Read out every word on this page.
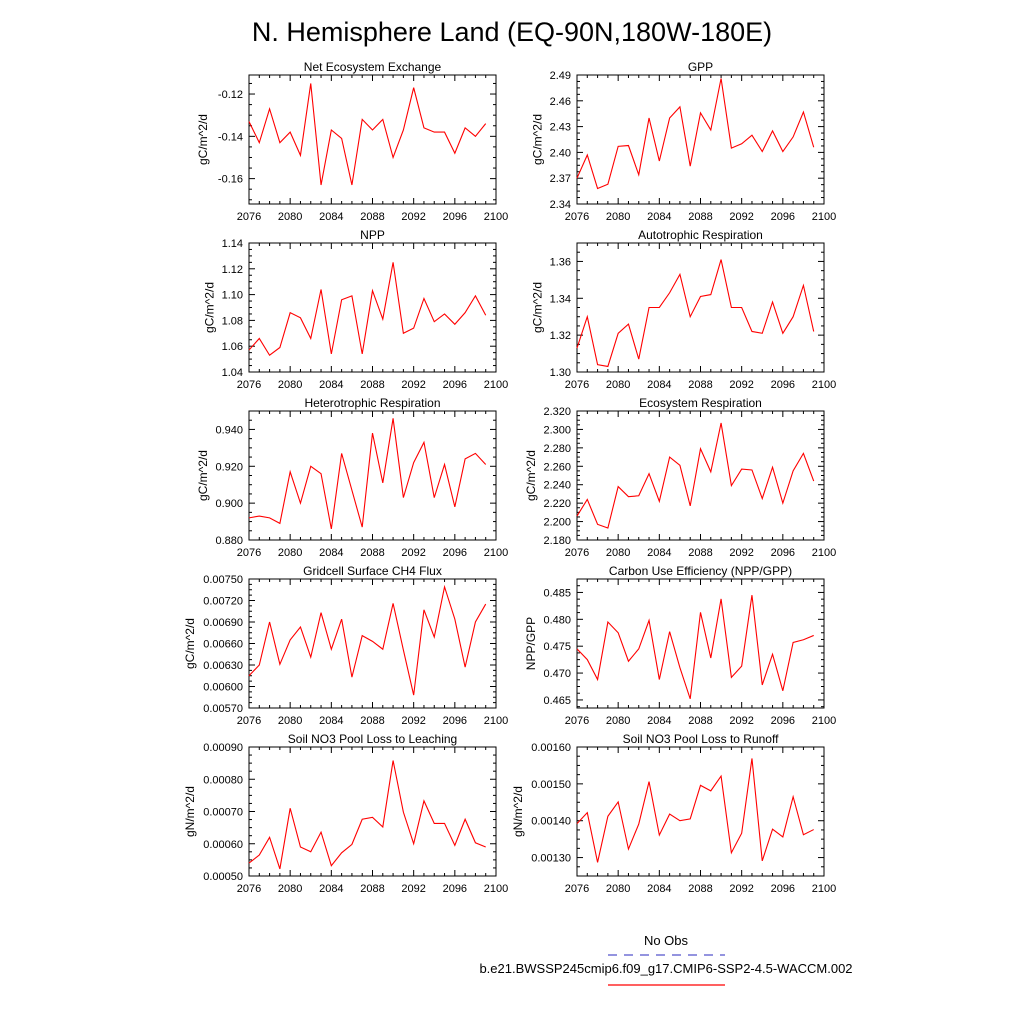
N. Hemisphere Land (EQ-90N,180W-180E)
Net Ecosystem Exchange
2076 2080 2084 2088 2092 2096 2100
-0.16
-0.14
-0.12
gC/m^2/d
GPP
2076 2080 2084 2088 2092 2096 2100
2.34
2.37
2.40
2.43
2.46
2.49
gC/m^2/d
NPP
2076 2080 2084 2088 2092 2096 2100
1.04
1.06
1.08
1.10
1.12
1.14
gC/m^2/d
Autotrophic Respiration
2076 2080 2084 2088 2092 2096 2100
1.30
1.32
1.34
1.36
gC/m^2/d
Heterotrophic Respiration
2076 2080 2084 2088 2092 2096 2100
0.880
0.900
0.920
0.940
gC/m^2/d
Ecosystem Respiration
2076 2080 2084 2088 2092 2096 2100
2.180
2.200
2.220
2.240
2.260
2.280
2.300
2.320
gC/m^2/d
Gridcell Surface CH4 Flux
2076 2080 2084 2088 2092 2096 2100
0.00570
0.00600
0.00630
0.00660
0.00690
0.00720
0.00750
gC/m^2/d
Carbon Use Efficiency (NPP/GPP)
2076 2080 2084 2088 2092 2096 2100
0.465
0.470
0.475
0.480
0.485
NPP/GPP
Soil NO3 Pool Loss to Leaching
2076 2080 2084 2088 2092 2096 2100
0.00050
0.00060
0.00070
0.00080
0.00090
gN/m^2/d
Soil NO3 Pool Loss to Runoff
2076 2080 2084 2088 2092 2096 2100
0.00130
0.00140
0.00150
0.00160
gN/m^2/d
No Obs
b.e21.BWSSP245cmip6.f09_g17.CMIP6-SSP2-4.5-WACCM.002
